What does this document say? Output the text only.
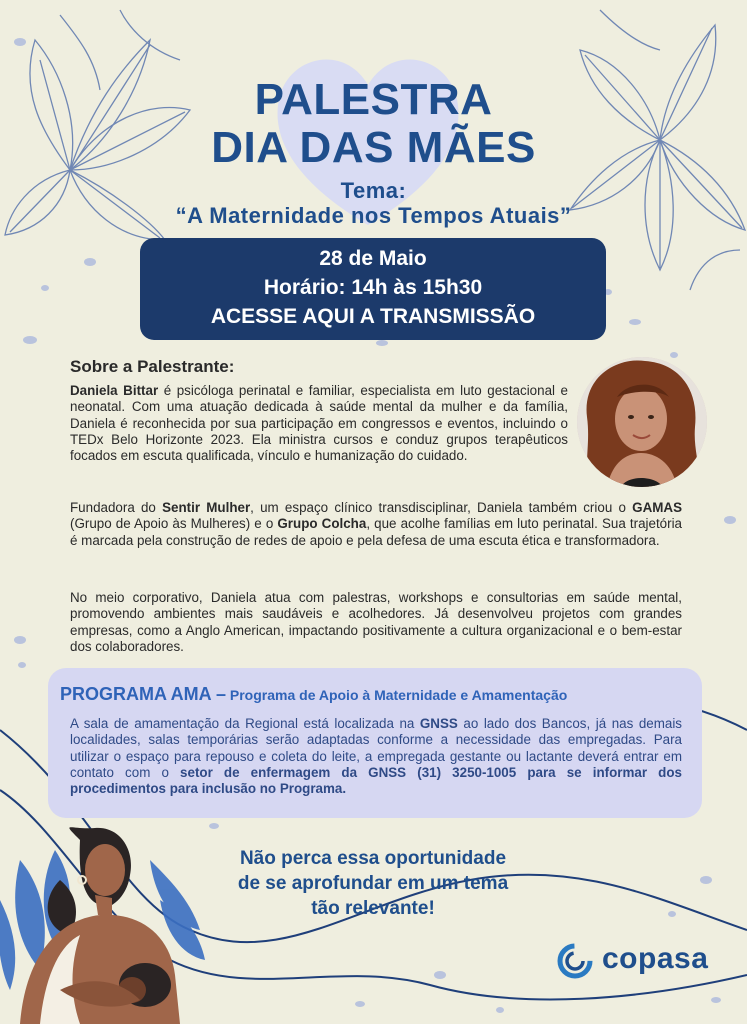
PALESTRA
DIA DAS MÃES
Tema:
“A Maternidade nos Tempos Atuais”
28 de Maio
Horário: 14h às 15h30
ACESSE AQUI A TRANSMISSÃO
Sobre a Palestrante:
Daniela Bittar é psicóloga perinatal e familiar, especialista em luto gestacional e neonatal. Com uma atuação dedicada à saúde mental da mulher e da família, Daniela é reconhecida por sua participação em congressos e eventos, incluindo o TEDx Belo Horizonte 2023. Ela ministra cursos e conduz grupos terapêuticos focados em escuta qualificada, vínculo e humanização do cuidado.
Fundadora do Sentir Mulher, um espaço clínico transdisciplinar, Daniela também criou o GAMAS (Grupo de Apoio às Mulheres) e o Grupo Colcha, que acolhe famílias em luto perinatal. Sua trajetória é marcada pela construção de redes de apoio e pela defesa de uma escuta ética e transformadora.
No meio corporativo, Daniela atua com palestras, workshops e consultorias em saúde mental, promovendo ambientes mais saudáveis e acolhedores. Já desenvolveu projetos com grandes empresas, como a Anglo American, impactando positivamente a cultura organizacional e o bem-estar dos colaboradores.
PROGRAMA AMA – Programa de Apoio à Maternidade e Amamentação
A sala de amamentação da Regional está localizada na GNSS ao lado dos Bancos, já nas demais localidades, salas temporárias serão adaptadas conforme a necessidade das empregadas. Para utilizar o espaço para repouso e coleta do leite, a empregada gestante ou lactante deverá entrar em contato com o setor de enfermagem da GNSS (31) 3250-1005 para se informar dos procedimentos para inclusão no Programa.
Não perca essa oportunidade
de se aprofundar em um tema
tão relevante!
copasa
